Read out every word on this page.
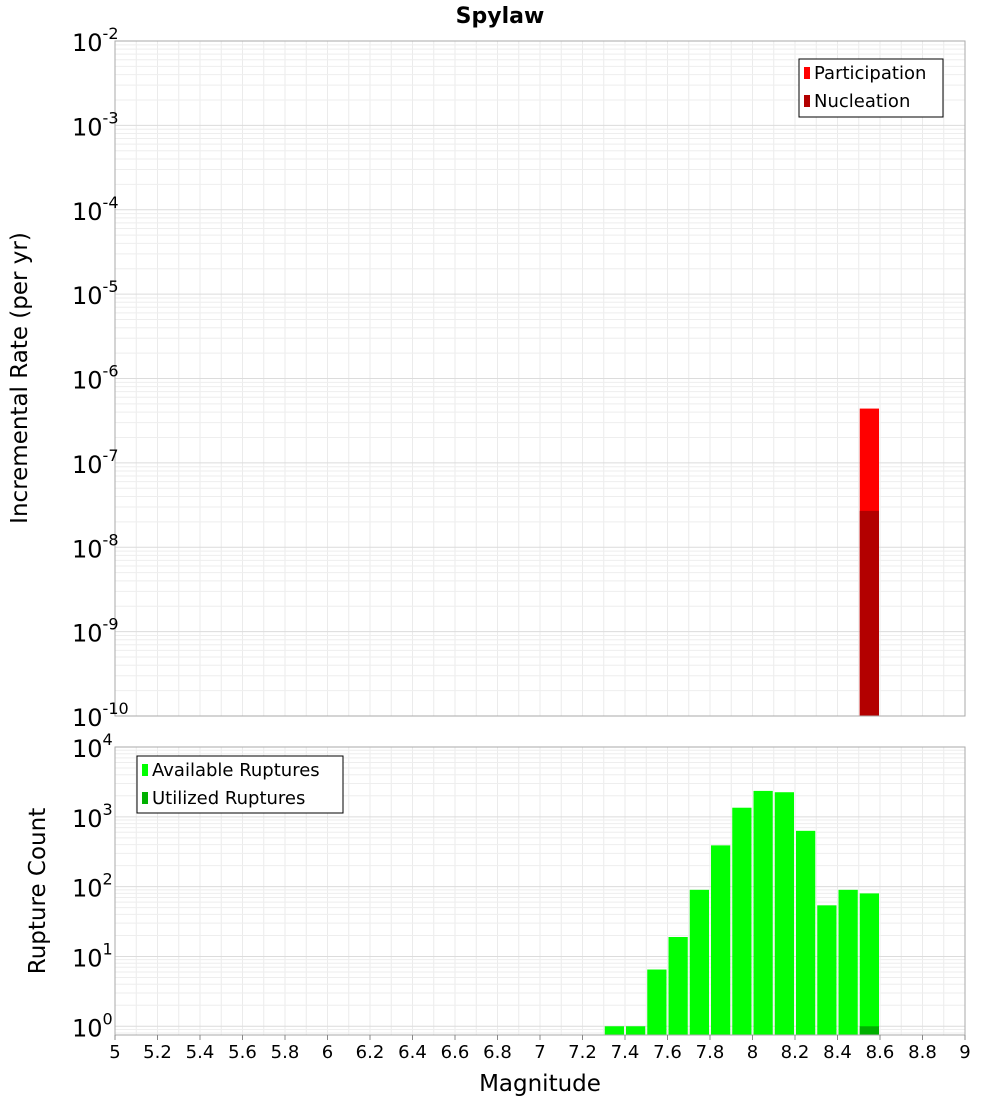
$10^{-10}$
$10^{-9}$
$10^{-8}$
$10^{-7}$
$10^{-6}$
$10^{-5}$
$10^{-4}$
$10^{-3}$
$10^{-2}$
Participation
Nucleation
Spylaw
Incremental Rate (per yr)
$10^0$
$10^1$
$10^2$
$10^3$
$10^4$
Available Ruptures
Utilized Ruptures
5 5.2 5.4 5.6 5.8 6 6.2 6.4 6.6 6.8 7 7.2 7.4 7.6 7.8 8 8.2 8.4 8.6 8.8 9
Magnitude
Rupture Count
